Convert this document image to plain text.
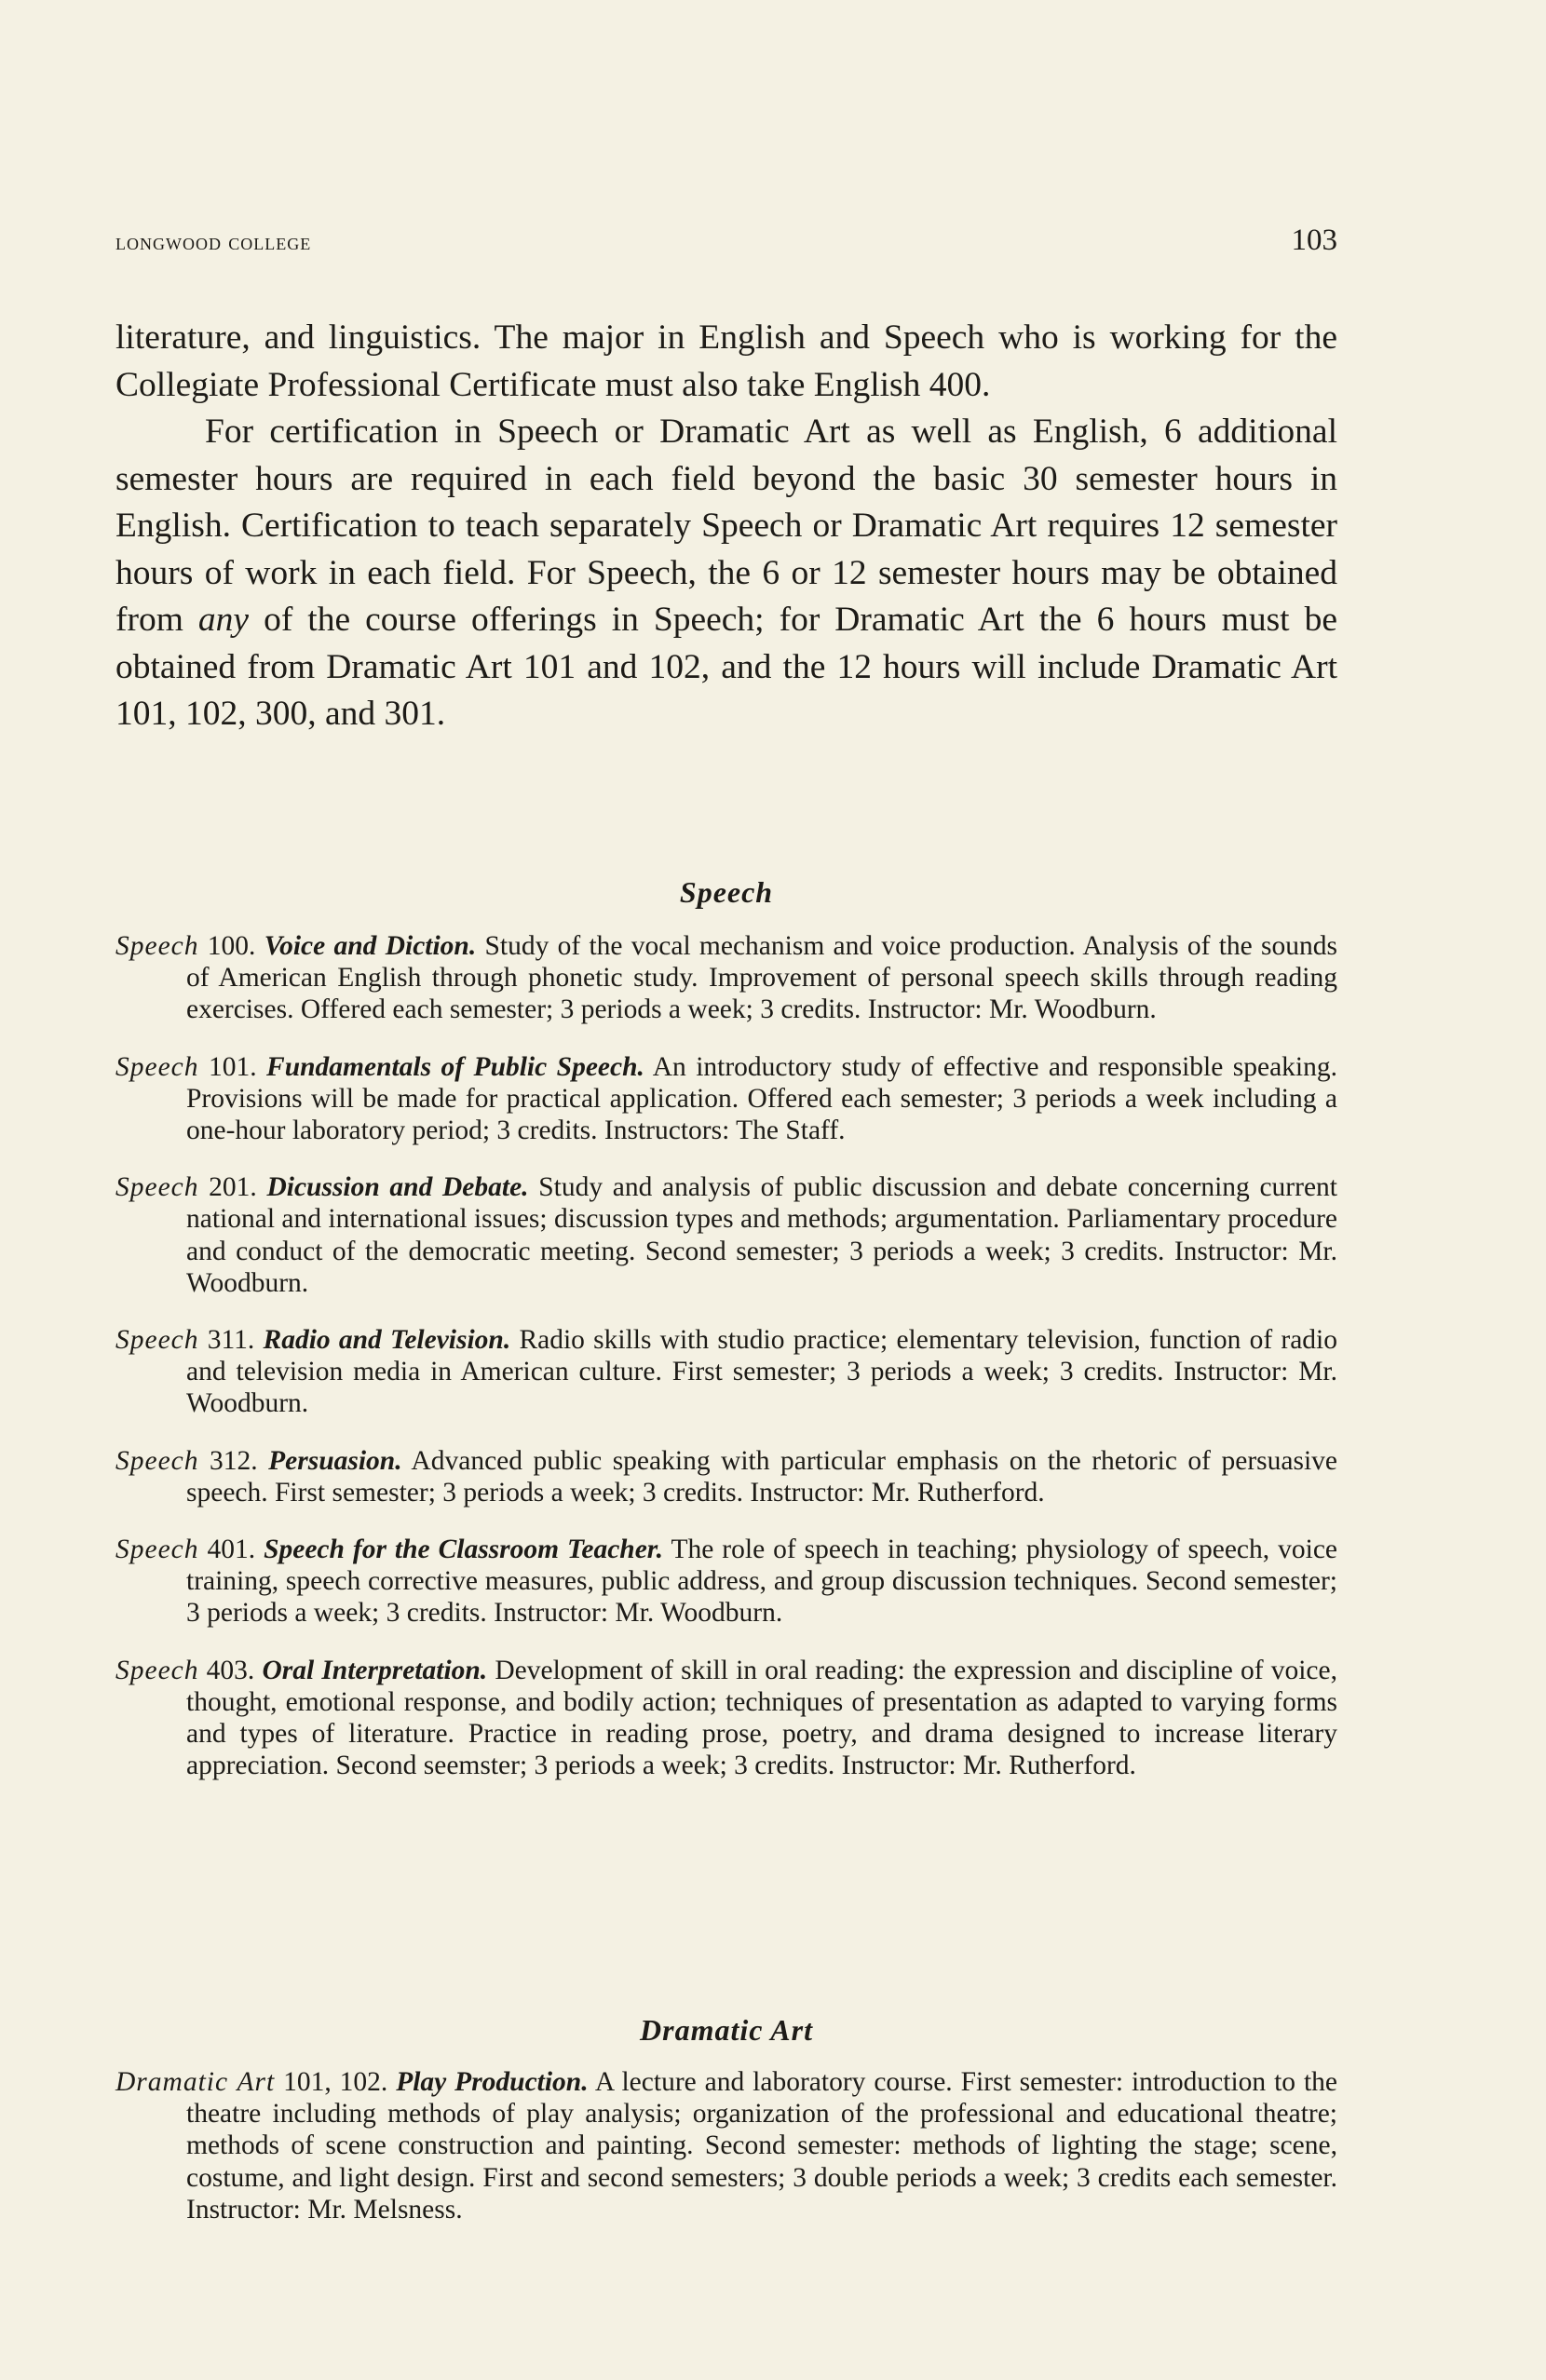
longwood college	103

literature, and linguistics. The major in English and Speech who is working for the Collegiate Professional Certificate must also take English 400.

For certification in Speech or Dramatic Art as well as English, 6 additional semester hours are required in each field beyond the basic 30 semester hours in English. Certification to teach separately Speech or Dramatic Art requires 12 semester hours of work in each field. For Speech, the 6 or 12 semester hours may be obtained from any of the course offerings in Speech; for Dramatic Art the 6 hours must be obtained from Dramatic Art 101 and 102, and the 12 hours will include Dramatic Art 101, 102, 300, and 301.

Speech

Speech 100. Voice and Diction. Study of the vocal mechanism and voice production. Analysis of the sounds of American English through phonetic study. Improvement of personal speech skills through reading exercises. Offered each semester; 3 periods a week; 3 credits. Instructor: Mr. Woodburn.

Speech 101. Fundamentals of Public Speech. An introductory study of effective and responsible speaking. Provisions will be made for practical application. Offered each semester; 3 periods a week including a one-hour laboratory period; 3 credits. Instructors: The Staff.

Speech 201. Dicussion and Debate. Study and analysis of public discussion and debate concerning current national and international issues; discussion types and methods; argumentation. Parliamentary procedure and conduct of the democratic meeting. Second semester; 3 periods a week; 3 credits. Instructor: Mr. Woodburn.

Speech 311. Radio and Television. Radio skills with studio practice; elementary television, function of radio and television media in American culture. First semester; 3 periods a week; 3 credits. Instructor: Mr. Woodburn.

Speech 312. Persuasion. Advanced public speaking with particular emphasis on the rhetoric of persuasive speech. First semester; 3 periods a week; 3 credits. Instructor: Mr. Rutherford.

Speech 401. Speech for the Classroom Teacher. The role of speech in teaching; physiology of speech, voice training, speech corrective measures, public address, and group discussion techniques. Second semester; 3 periods a week; 3 credits. Instructor: Mr. Woodburn.

Speech 403. Oral Interpretation. Development of skill in oral reading: the expression and discipline of voice, thought, emotional response, and bodily action; techniques of presentation as adapted to varying forms and types of literature. Practice in reading prose, poetry, and drama designed to increase literary appreciation. Second seemster; 3 periods a week; 3 credits. Instructor: Mr. Rutherford.

Dramatic Art

Dramatic Art 101, 102. Play Production. A lecture and laboratory course. First semester: introduction to the theatre including methods of play analysis; organization of the professional and educational theatre; methods of scene construction and painting. Second semester: methods of lighting the stage; scene, costume, and light design. First and second semesters; 3 double periods a week; 3 credits each semester. Instructor: Mr. Melsness.
